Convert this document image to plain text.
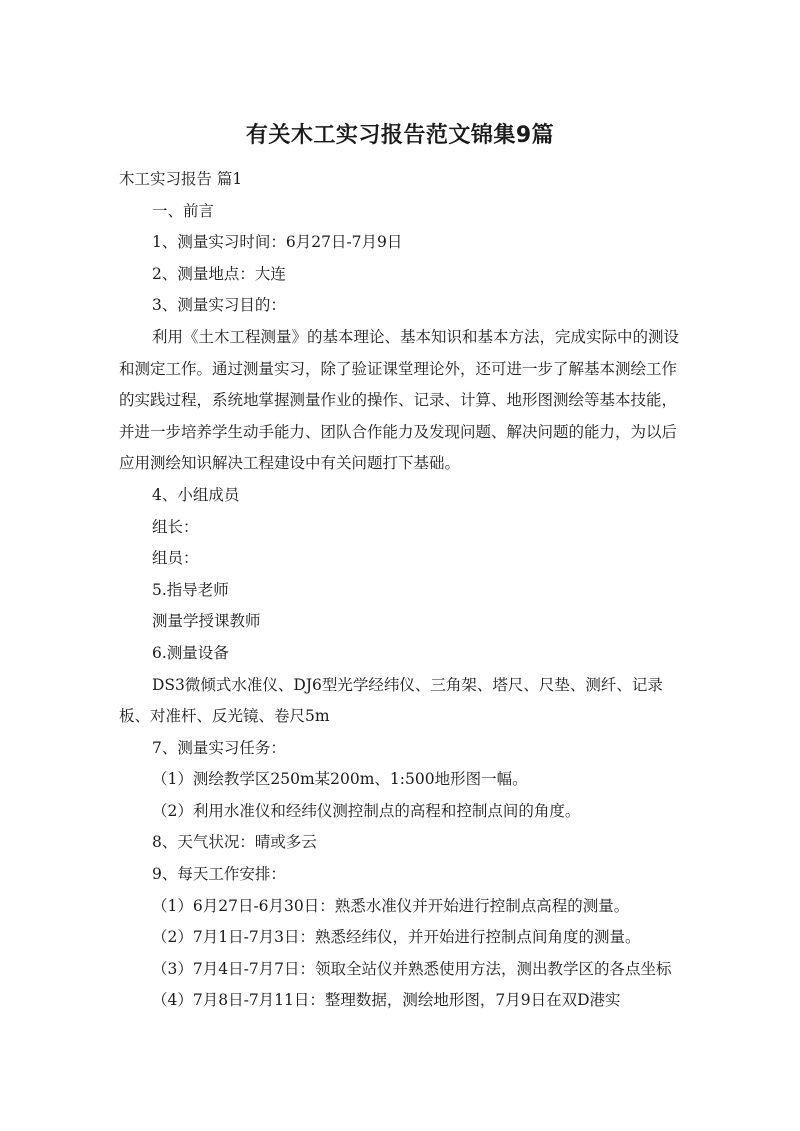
有关木工实习报告范文锦集9篇

木工实习报告 篇1

一、前言

1、测量实习时间：6月27日-7月9日

2、测量地点：大连

3、测量实习目的：

利用《土木工程测量》的基本理论、基本知识和基本方法，完成实际中的测设和测定工作。通过测量实习，除了验证课堂理论外，还可进一步了解基本测绘工作的实践过程，系统地掌握测量作业的操作、记录、计算、地形图测绘等基本技能，并进一步培养学生动手能力、团队合作能力及发现问题、解决问题的能力，为以后应用测绘知识解决工程建设中有关问题打下基础。

4、小组成员

组长：

组员：

5.指导老师

测量学授课教师

6.测量设备

DS3微倾式水准仪、DJ6型光学经纬仪、三角架、塔尺、尺垫、测纤、记录板、对准杆、反光镜、卷尺5m

7、测量实习任务：

（1）测绘教学区250m某200m、1:500地形图一幅。

（2）利用水准仪和经纬仪测控制点的高程和控制点间的角度。

8、天气状况：晴或多云

9、每天工作安排：

（1）6月27日-6月30日：熟悉水准仪并开始进行控制点高程的测量。

（2）7月1日-7月3日：熟悉经纬仪，并开始进行控制点间角度的测量。

（3）7月4日-7月7日：领取全站仪并熟悉使用方法，测出教学区的各点坐标

（4）7月8日-7月11日：整理数据，测绘地形图，7月9日在双D港实
